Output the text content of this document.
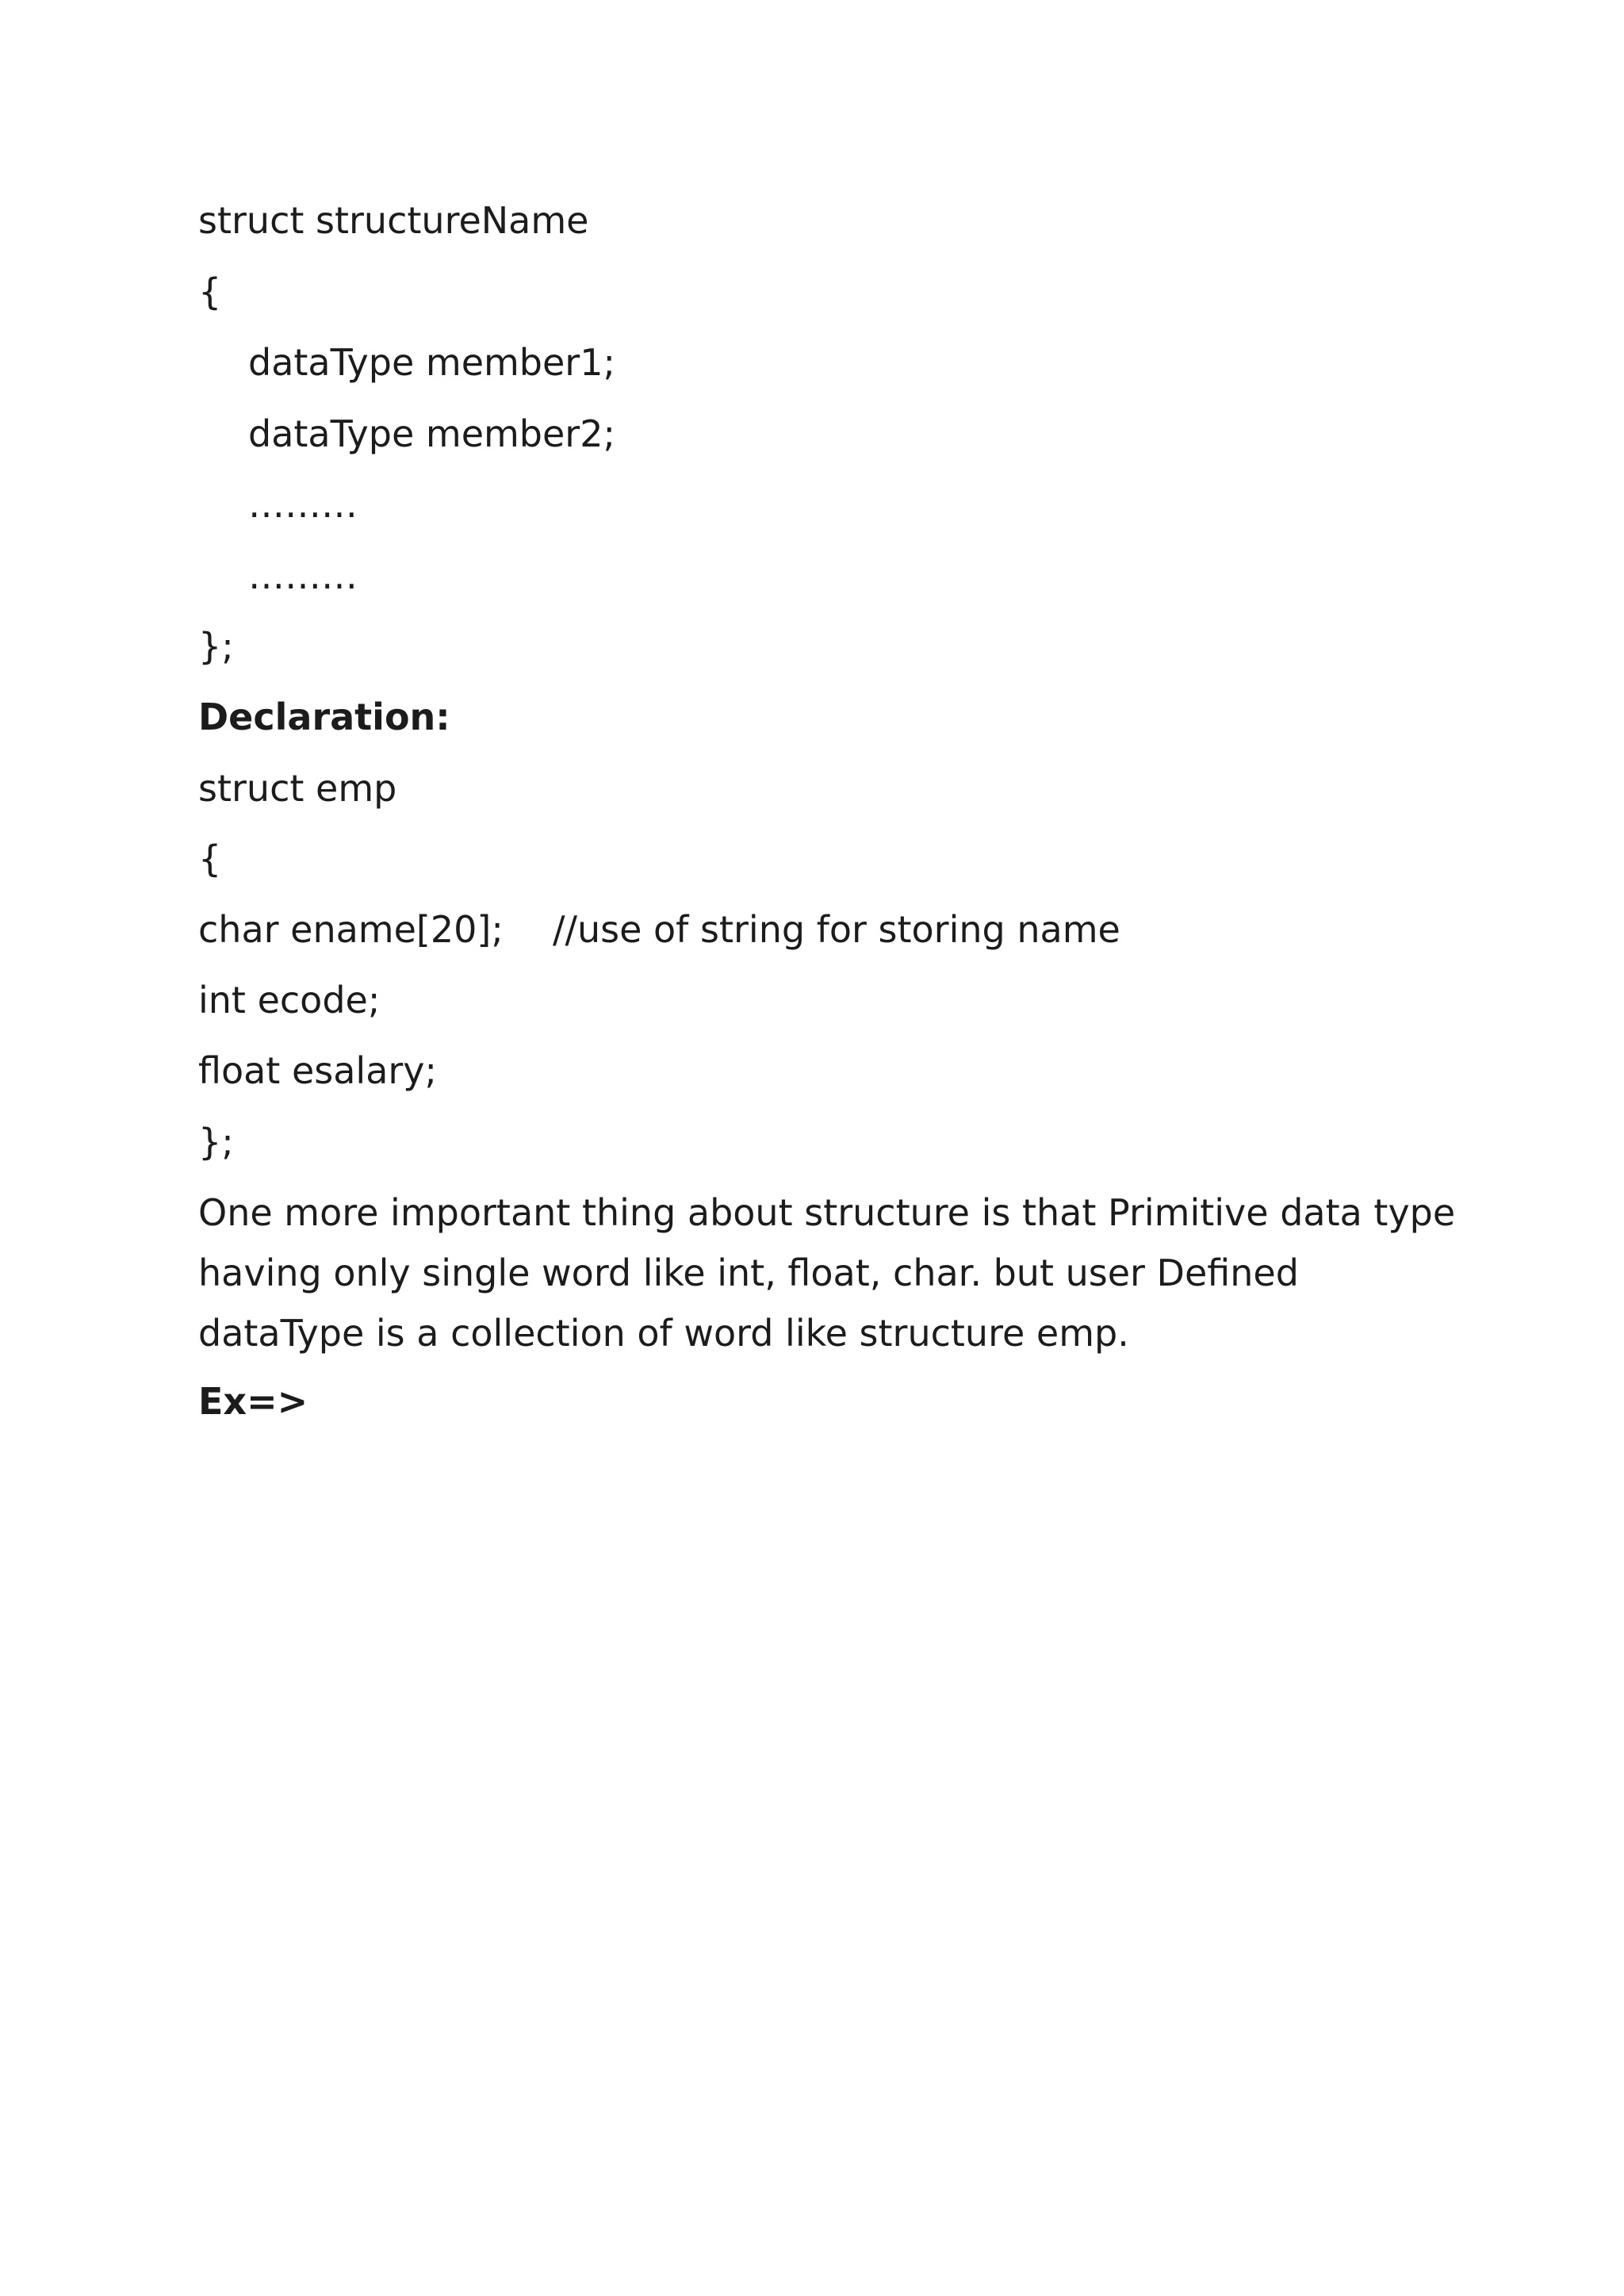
struct structureName
{
dataType member1;
dataType member2;
………
………
};
Declaration:
struct emp
{
char ename[20]; //use of string for storing name
int ecode;
float esalary;
};
One more important thing about structure is that Primitive data type
having only single word like int, float, char. but user Defined
dataType is a collection of word like structure emp.
Ex=>
